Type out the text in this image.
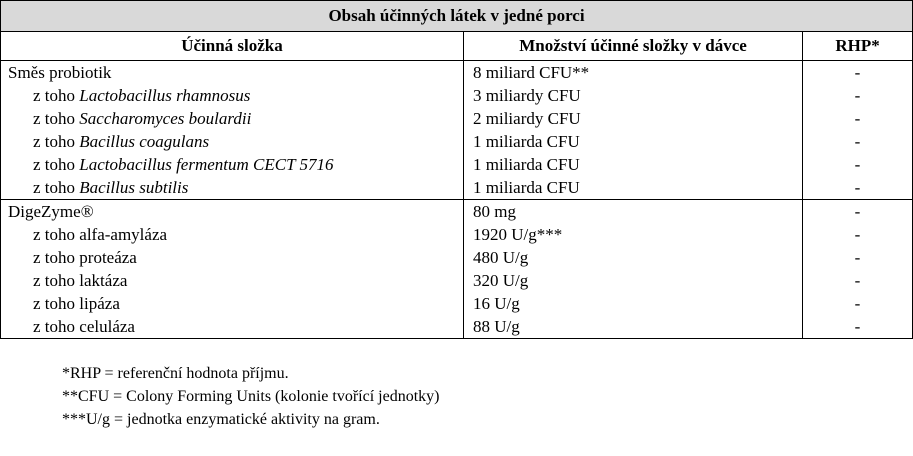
Obsah účinných látek v jedné porci		
Účinná složka	Množství účinné složky v dávce	RHP*
Směs probiotik	8 miliard CFU**	-
z toho Lactobacillus rhamnosus	3 miliardy CFU	-
z toho Saccharomyces boulardii	2 miliardy CFU	-
z toho Bacillus coagulans	1 miliarda CFU	-
z toho Lactobacillus fermentum CECT 5716	1 miliarda CFU	-
z toho Bacillus subtilis	1 miliarda CFU	-
DigeZyme®	80 mg	-
z toho alfa-amyláza	1920 U/g***	-
z toho proteáza	480 U/g	-
z toho laktáza	320 U/g	-
z toho lipáza	16 U/g	-
z toho celuláza	88 U/g	-
*RHP = referenční hodnota příjmu.
**CFU = Colony Forming Units (kolonie tvořící jednotky)
***U/g = jednotka enzymatické aktivity na gram.
